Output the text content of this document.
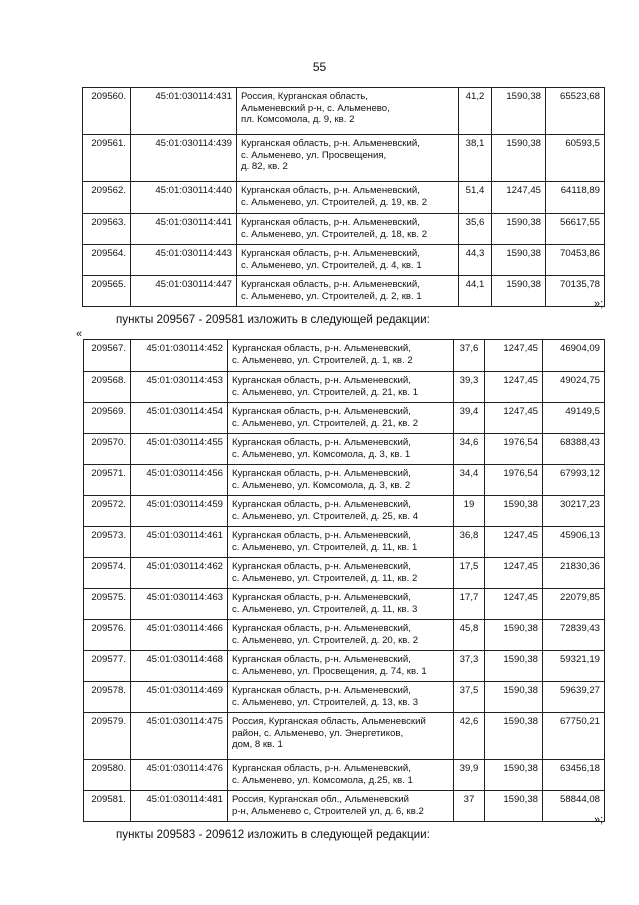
55
209560.	45:01:030114:431	Россия, Курганская область,
Альменевский р-н, с. Альменево,
пл. Комсомола, д. 9, кв. 2	41,2	1590,38	65523,68
209561.	45:01:030114:439	Курганская область, р-н. Альменевский,
с. Альменево, ул. Просвещения,
д. 82, кв. 2	38,1	1590,38	60593,5
209562.	45:01:030114:440	Курганская область, р-н. Альменевский,
с. Альменево, ул. Строителей, д. 19, кв. 2	51,4	1247,45	64118,89
209563.	45:01:030114:441	Курганская область, р-н. Альменевский,
с. Альменево, ул. Строителей, д. 18, кв. 2	35,6	1590,38	56617,55
209564.	45:01:030114:443	Курганская область, р-н. Альменевский,
с. Альменево, ул. Строителей, д. 4, кв. 1	44,3	1590,38	70453,86
209565.	45:01:030114:447	Курганская область, р-н. Альменевский,
с. Альменево, ул. Строителей, д. 2, кв. 1	44,1	1590,38	70135,78
»;
пункты 209567 - 209581 изложить в следующей редакции:
«
209567.	45:01:030114:452	Курганская область, р-н. Альменевский,
с. Альменево, ул. Строителей, д. 1, кв. 2	37,6	1247,45	46904,09
209568.	45:01:030114:453	Курганская область, р-н. Альменевский,
с. Альменево, ул. Строителей, д. 21, кв. 1	39,3	1247,45	49024,75
209569.	45:01:030114:454	Курганская область, р-н. Альменевский,
с. Альменево, ул. Строителей, д. 21, кв. 2	39,4	1247,45	49149,5
209570.	45:01:030114:455	Курганская область, р-н. Альменевский,
с. Альменево, ул. Комсомола, д. 3, кв. 1	34,6	1976,54	68388,43
209571.	45:01:030114:456	Курганская область, р-н. Альменевский,
с. Альменево, ул. Комсомола, д. 3, кв. 2	34,4	1976,54	67993,12
209572.	45:01:030114:459	Курганская область, р-н. Альменевский,
с. Альменево, ул. Строителей, д. 25, кв. 4	19	1590,38	30217,23
209573.	45:01:030114:461	Курганская область, р-н. Альменевский,
с. Альменево, ул. Строителей, д. 11, кв. 1	36,8	1247,45	45906,13
209574.	45:01:030114:462	Курганская область, р-н. Альменевский,
с. Альменево, ул. Строителей, д. 11, кв. 2	17,5	1247,45	21830,36
209575.	45:01:030114:463	Курганская область, р-н. Альменевский,
с. Альменево, ул. Строителей, д. 11, кв. 3	17,7	1247,45	22079,85
209576.	45:01:030114:466	Курганская область, р-н. Альменевский,
с. Альменево, ул. Строителей, д. 20, кв. 2	45,8	1590,38	72839,43
209577.	45:01:030114:468	Курганская область, р-н. Альменевский,
с. Альменево, ул. Просвещения, д. 74, кв. 1	37,3	1590,38	59321,19
209578.	45:01:030114:469	Курганская область, р-н. Альменевский,
с. Альменево, ул. Строителей, д. 13, кв. 3	37,5	1590,38	59639,27
209579.	45:01:030114:475	Россия, Курганская область, Альменевский
район, с. Альменево, ул. Энергетиков,
дом, 8 кв. 1	42,6	1590,38	67750,21
209580.	45:01:030114:476	Курганская область, р-н. Альменевский,
с. Альменево, ул. Комсомола, д.25, кв. 1	39,9	1590,38	63456,18
209581.	45:01:030114:481	Россия, Курганская обл., Альменевский
р-н, Альменево с, Строителей ул, д. 6, кв.2	37	1590,38	58844,08
»;
пункты 209583 - 209612 изложить в следующей редакции:
